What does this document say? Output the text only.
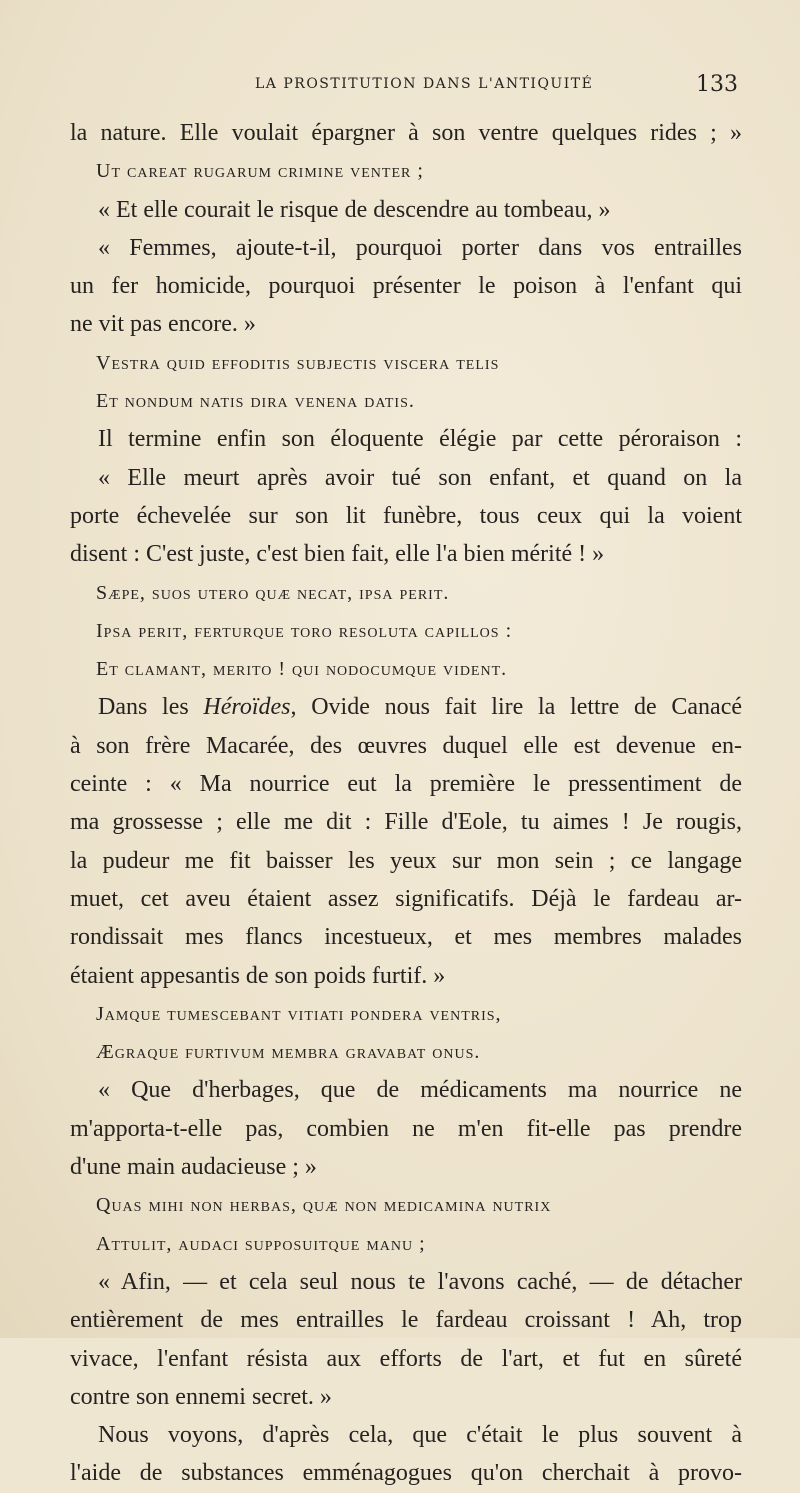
LA PROSTITUTION DANS L'ANTIQUITÉ	133
la nature. Elle voulait épargner à son ventre quelques rides ; »
Ut careat rugarum crimine venter ;
« Et elle courait le risque de descendre au tombeau, »
« Femmes, ajoute-t-il, pourquoi porter dans vos entrailles
un fer homicide, pourquoi présenter le poison à l'enfant qui
ne vit pas encore. »
Vestra quid effoditis subjectis viscera telis
Et nondum natis dira venena datis.
Il termine enfin son éloquente élégie par cette péroraison :
« Elle meurt après avoir tué son enfant, et quand on la
porte échevelée sur son lit funèbre, tous ceux qui la voient
disent : C'est juste, c'est bien fait, elle l'a bien mérité ! »
Sæpe, suos utero quæ necat, ipsa perit.
Ipsa perit, ferturque toro resoluta capillos :
Et clamant, merito ! qui nodocumque vident.
Dans les Héroïdes, Ovide nous fait lire la lettre de Canacé
à son frère Macarée, des œuvres duquel elle est devenue en-
ceinte : « Ma nourrice eut la première le pressentiment de
ma grossesse ; elle me dit : Fille d'Eole, tu aimes ! Je rougis,
la pudeur me fit baisser les yeux sur mon sein ; ce langage
muet, cet aveu étaient assez significatifs. Déjà le fardeau ar-
rondissait mes flancs incestueux, et mes membres malades
étaient appesantis de son poids furtif. »
Jamque tumescebant vitiati pondera ventris,
Ægraque furtivum membra gravabat onus.
« Que d'herbages, que de médicaments ma nourrice ne
m'apporta-t-elle pas, combien ne m'en fit-elle pas prendre
d'une main audacieuse ; »
Quas mihi non herbas, quæ non medicamina nutrix
Attulit, audaci supposuitque manu ;
« Afin, — et cela seul nous te l'avons caché, — de détacher
entièrement de mes entrailles le fardeau croissant ! Ah, trop
vivace, l'enfant résista aux efforts de l'art, et fut en sûreté
contre son ennemi secret. »
Nous voyons, d'après cela, que c'était le plus souvent à
l'aide de substances emménagogues qu'on cherchait à provo-
